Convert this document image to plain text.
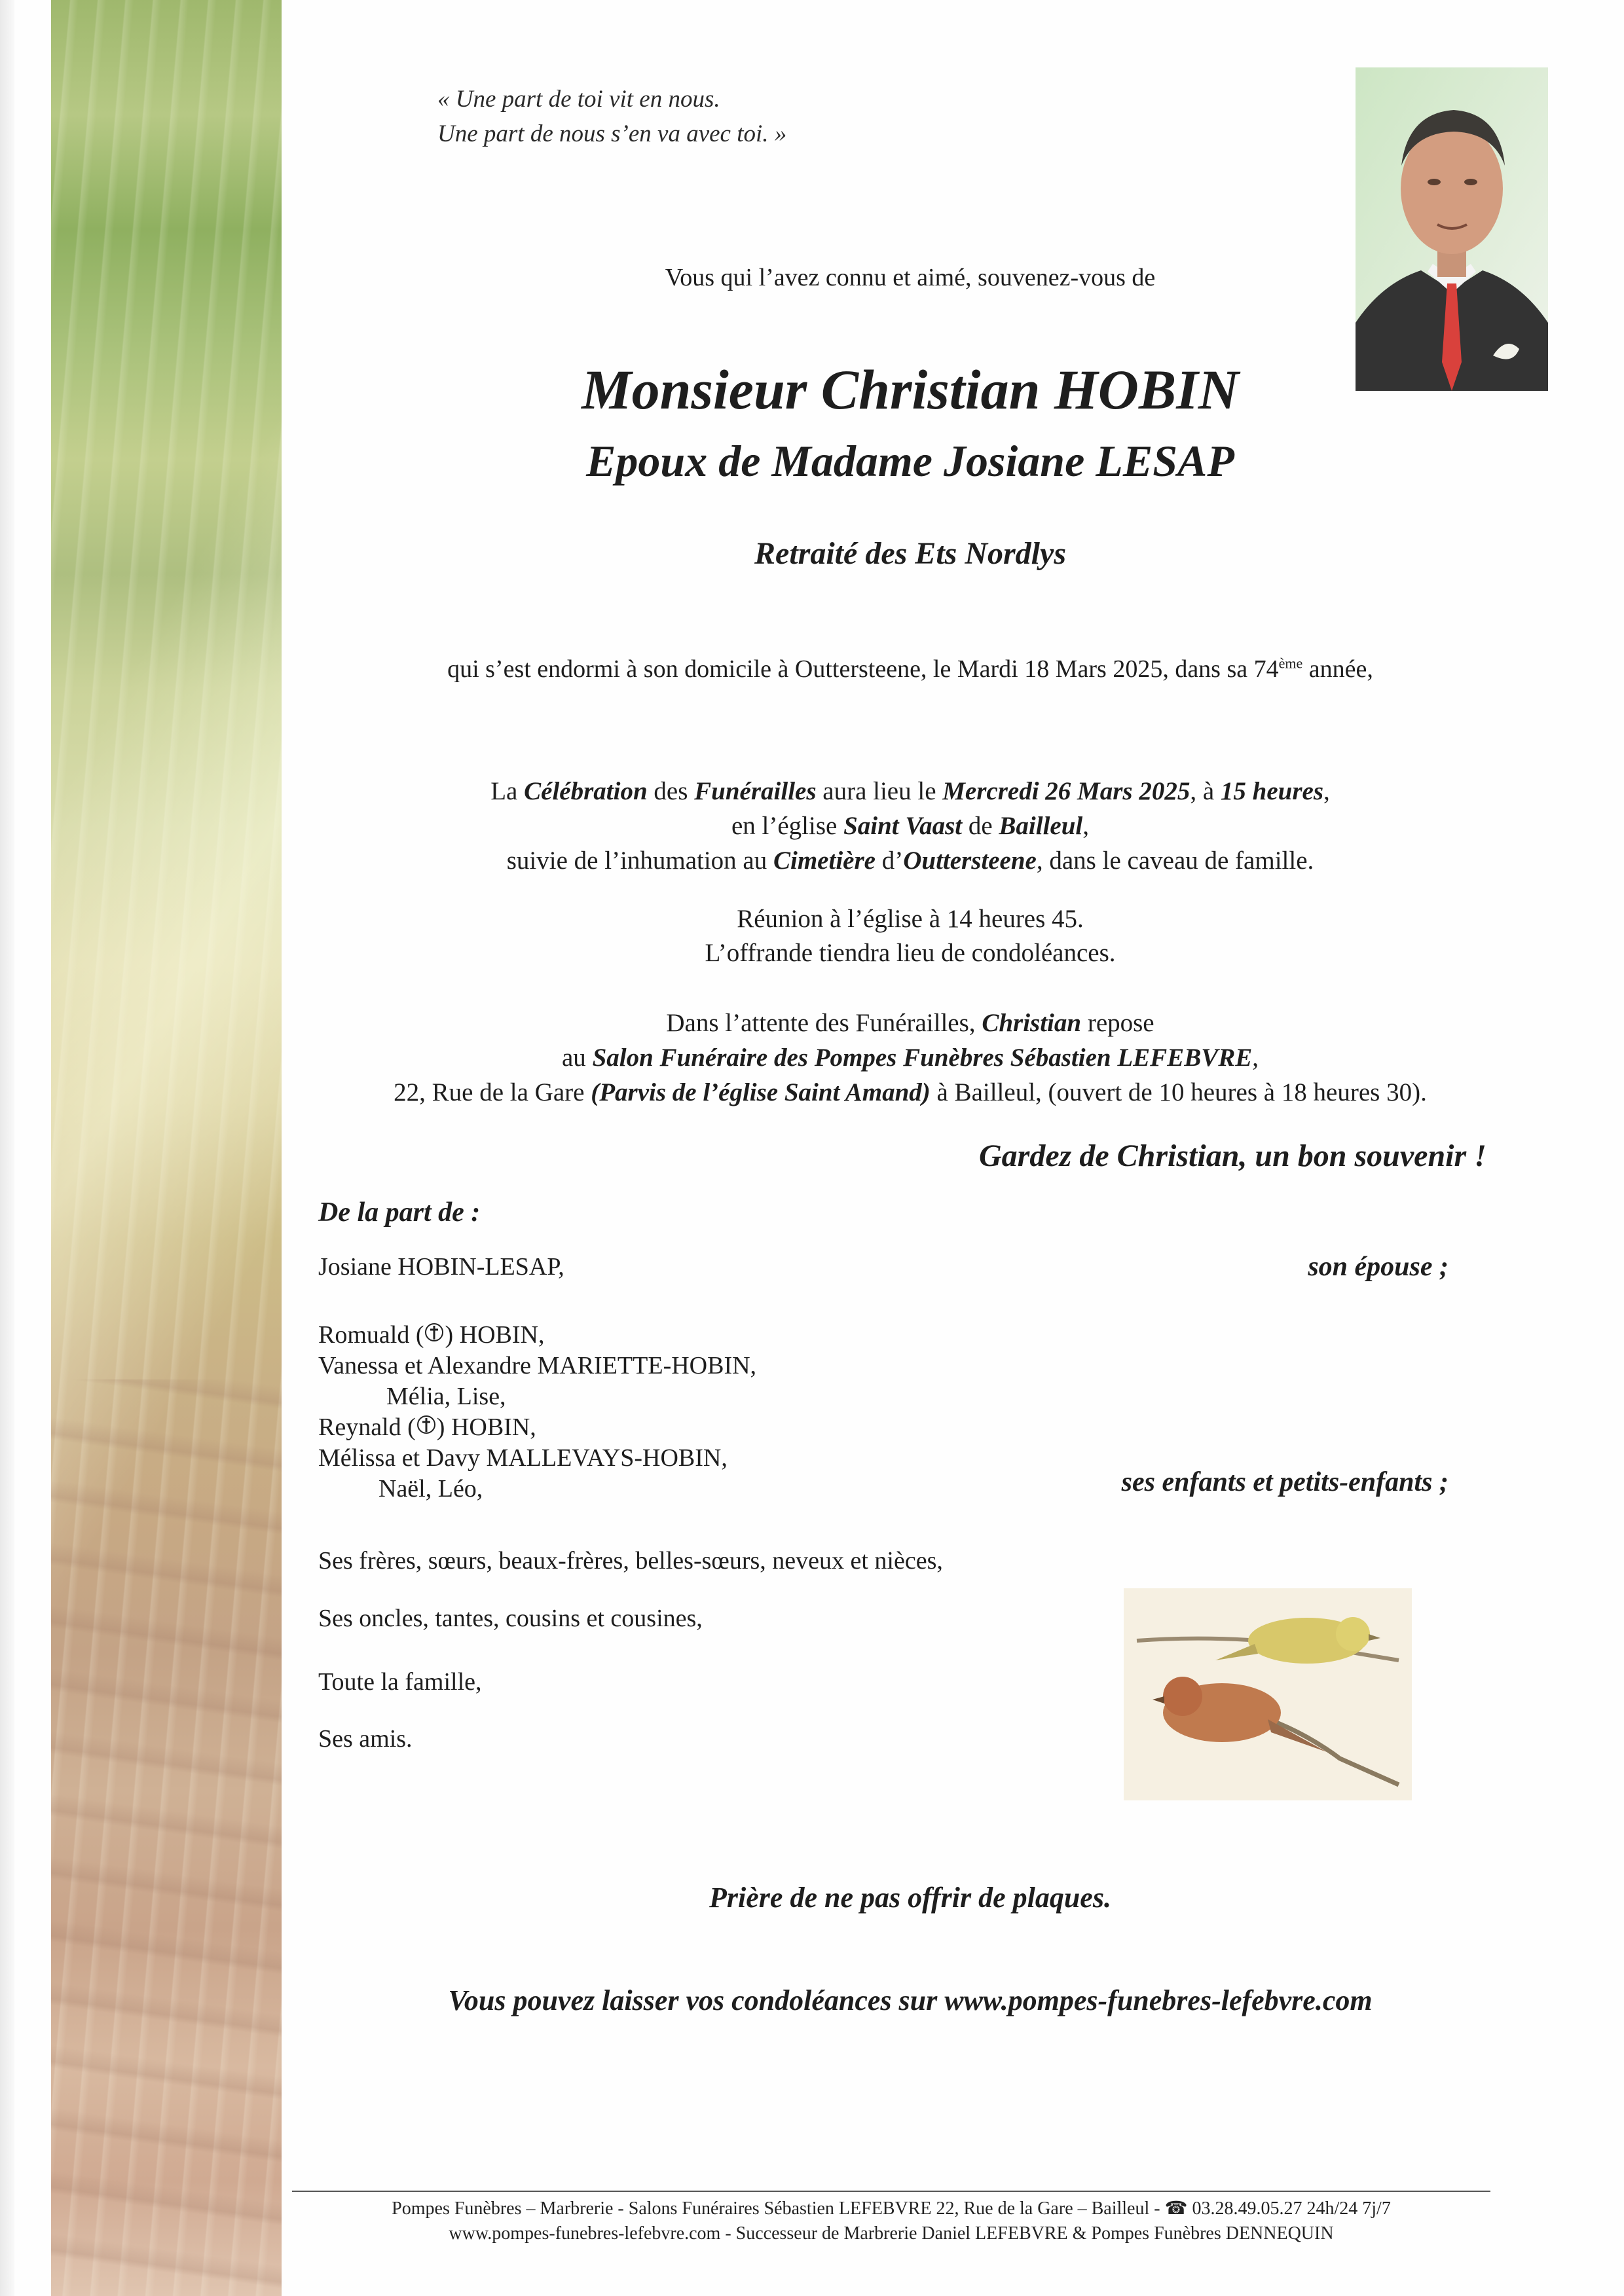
« Une part de toi vit en nous.
Une part de nous s’en va avec toi. »
Vous qui l’avez connu et aimé, souvenez-vous de
Monsieur Christian HOBIN
Epoux de Madame Josiane LESAP
Retraité des Ets Nordlys
qui s’est endormi à son domicile à Outtersteene, le Mardi 18 Mars 2025, dans sa 74ème année,
La Célébration des Funérailles aura lieu le Mercredi 26 Mars 2025, à 15 heures,
en l’église Saint Vaast de Bailleul,
suivie de l’inhumation au Cimetière d’Outtersteene, dans le caveau de famille.
Réunion à l’église à 14 heures 45.
L’offrande tiendra lieu de condoléances.
Dans l’attente des Funérailles, Christian repose
au Salon Funéraire des Pompes Funèbres Sébastien LEFEBVRE,
22, Rue de la Gare (Parvis de l’église Saint Amand) à Bailleul, (ouvert de 10 heures à 18 heures 30).
Gardez de Christian, un bon souvenir !
De la part de :
Josiane HOBIN-LESAP,	son épouse ;
Romuald ( ) HOBIN,
Vanessa et Alexandre MARIETTE-HOBIN,
Mélia, Lise,
Reynald ( ) HOBIN,
Mélissa et Davy MALLEVAYS-HOBIN,
Naël, Léo,	ses enfants et petits-enfants ;
Ses frères, sœurs, beaux-frères, belles-sœurs, neveux et nièces,
Ses oncles, tantes, cousins et cousines,
Toute la famille,
Ses amis.
Prière de ne pas offrir de plaques.
Vous pouvez laisser vos condoléances sur www.pompes-funebres-lefebvre.com
Pompes Funèbres – Marbrerie - Salons Funéraires Sébastien LEFEBVRE 22, Rue de la Gare – Bailleul - ☎ 03.28.49.05.27 24h/24 7j/7
www.pompes-funebres-lefebvre.com - Successeur de Marbrerie Daniel LEFEBVRE & Pompes Funèbres DENNEQUIN
